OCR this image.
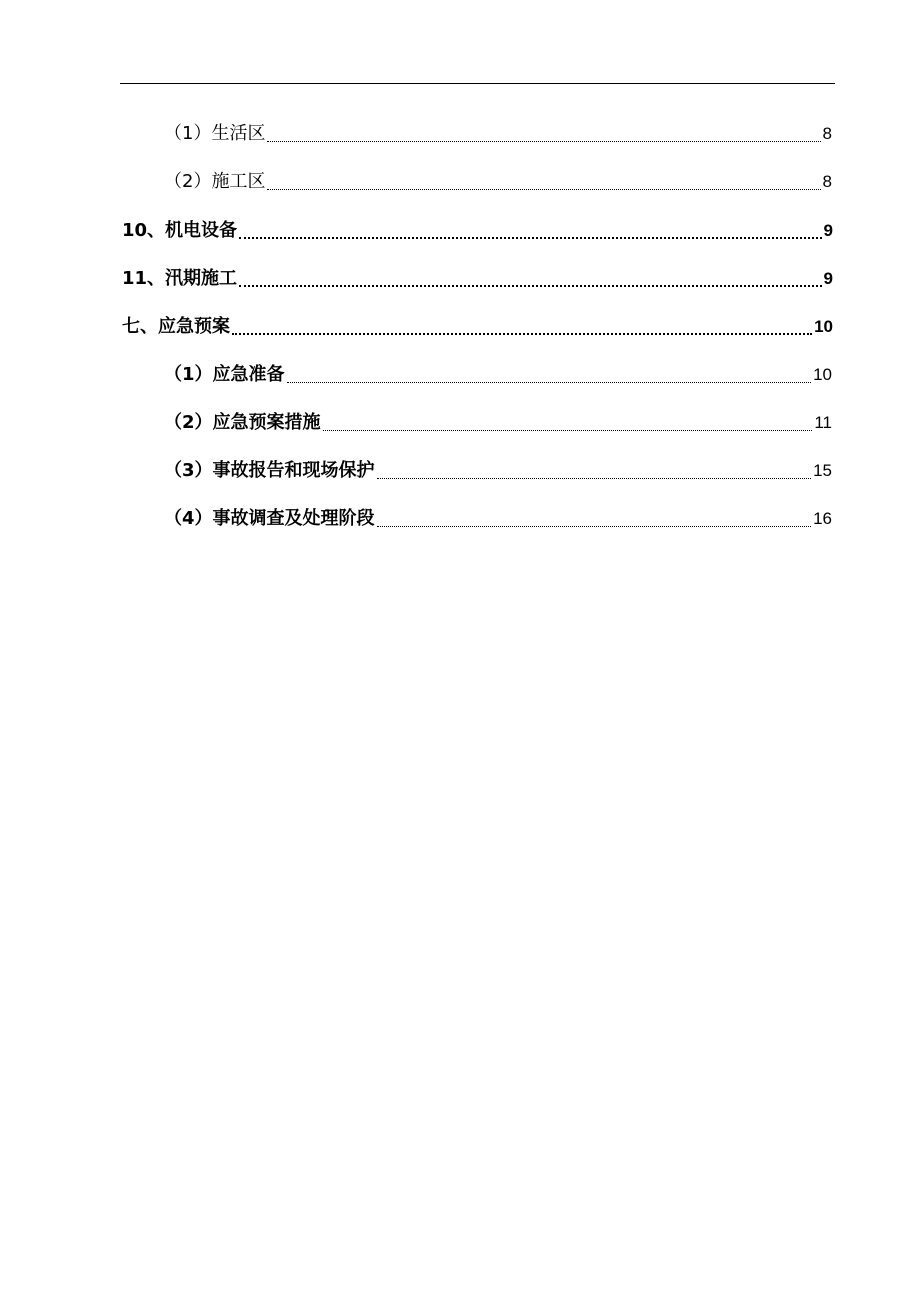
（1）生活区	8
（2）施工区	8
10、机电设备	9
11、汛期施工	9
七、应急预案	10
（1）应急准备	10
（2）应急预案措施	11
（3）事故报告和现场保护	15
（4）事故调查及处理阶段	16
